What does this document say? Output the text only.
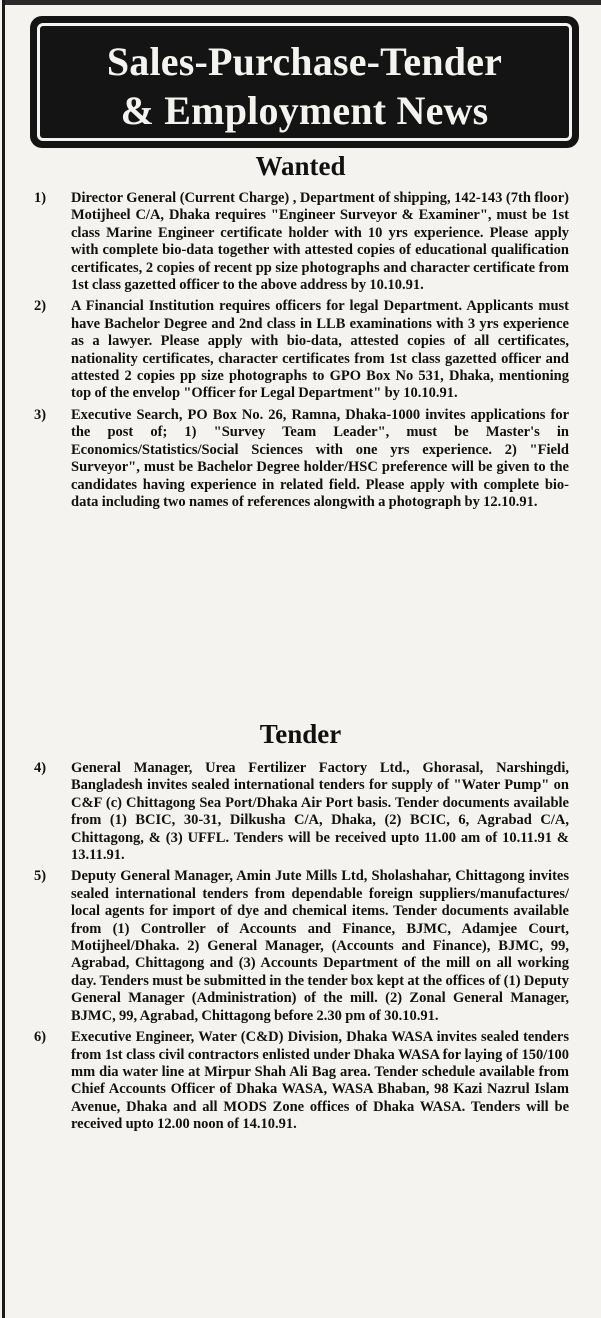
Sales-Purchase-Tender
& Employment News
Wanted
1) Director General (Current Charge) , Department of shipping, 142-143 (7th floor) Motijheel C/A, Dhaka requires "Engineer Surveyor & Examiner", must be 1st class Marine Engineer certificate holder with 10 yrs experience. Please apply with complete bio-data together with attested copies of educational qualification certificates, 2 copies of recent pp size photographs and character certificate from 1st class gazetted officer to the above address by 10.10.91.
2) A Financial Institution requires officers for legal Department. Applicants must have Bachelor Degree and 2nd class in LLB examinations with 3 yrs experience as a lawyer. Please apply with bio-data, attested copies of all certificates, nationality certificates, character certificates from 1st class gazetted officer and attested 2 copies pp size photographs to GPO Box No 531, Dhaka, mentioning top of the envelop "Officer for Legal Department" by 10.10.91.
3) Executive Search, PO Box No. 26, Ramna, Dhaka-1000 invites applications for the post of; 1) "Survey Team Leader", must be Master's in Economics/Statistics/Social Sciences with one yrs experience. 2) "Field Surveyor", must be Bachelor Degree holder/HSC preference will be given to the candidates having experience in related field. Please apply with complete bio-data including two names of references alongwith a photograph by 12.10.91.
Tender
4) General Manager, Urea Fertilizer Factory Ltd., Ghorasal, Narshingdi, Bangladesh invites sealed international tenders for supply of "Water Pump" on C&F (c) Chittagong Sea Port/Dhaka Air Port basis. Tender documents available from (1) BCIC, 30-31, Dilkusha C/A, Dhaka, (2) BCIC, 6, Agrabad C/A, Chittagong, & (3) UFFL. Tenders will be received upto 11.00 am of 10.11.91 & 13.11.91.
5) Deputy General Manager, Amin Jute Mills Ltd, Sholashahar, Chittagong invites sealed international tenders from dependable foreign suppliers/manufactures/ local agents for import of dye and chemical items. Tender documents available from (1) Controller of Accounts and Finance, BJMC, Adamjee Court, Motijheel/Dhaka. 2) General Manager, (Accounts and Finance), BJMC, 99, Agrabad, Chittagong and (3) Accounts Department of the mill on all working day. Tenders must be submitted in the tender box kept at the offices of (1) Deputy General Manager (Administration) of the mill. (2) Zonal General Manager, BJMC, 99, Agrabad, Chittagong before 2.30 pm of 30.10.91.
6) Executive Engineer, Water (C&D) Division, Dhaka WASA invites sealed tenders from 1st class civil contractors enlisted under Dhaka WASA for laying of 150/100 mm dia water line at Mirpur Shah Ali Bag area. Tender schedule available from Chief Accounts Officer of Dhaka WASA, WASA Bhaban, 98 Kazi Nazrul Islam Avenue, Dhaka and all MODS Zone offices of Dhaka WASA. Tenders will be received upto 12.00 noon of 14.10.91.
